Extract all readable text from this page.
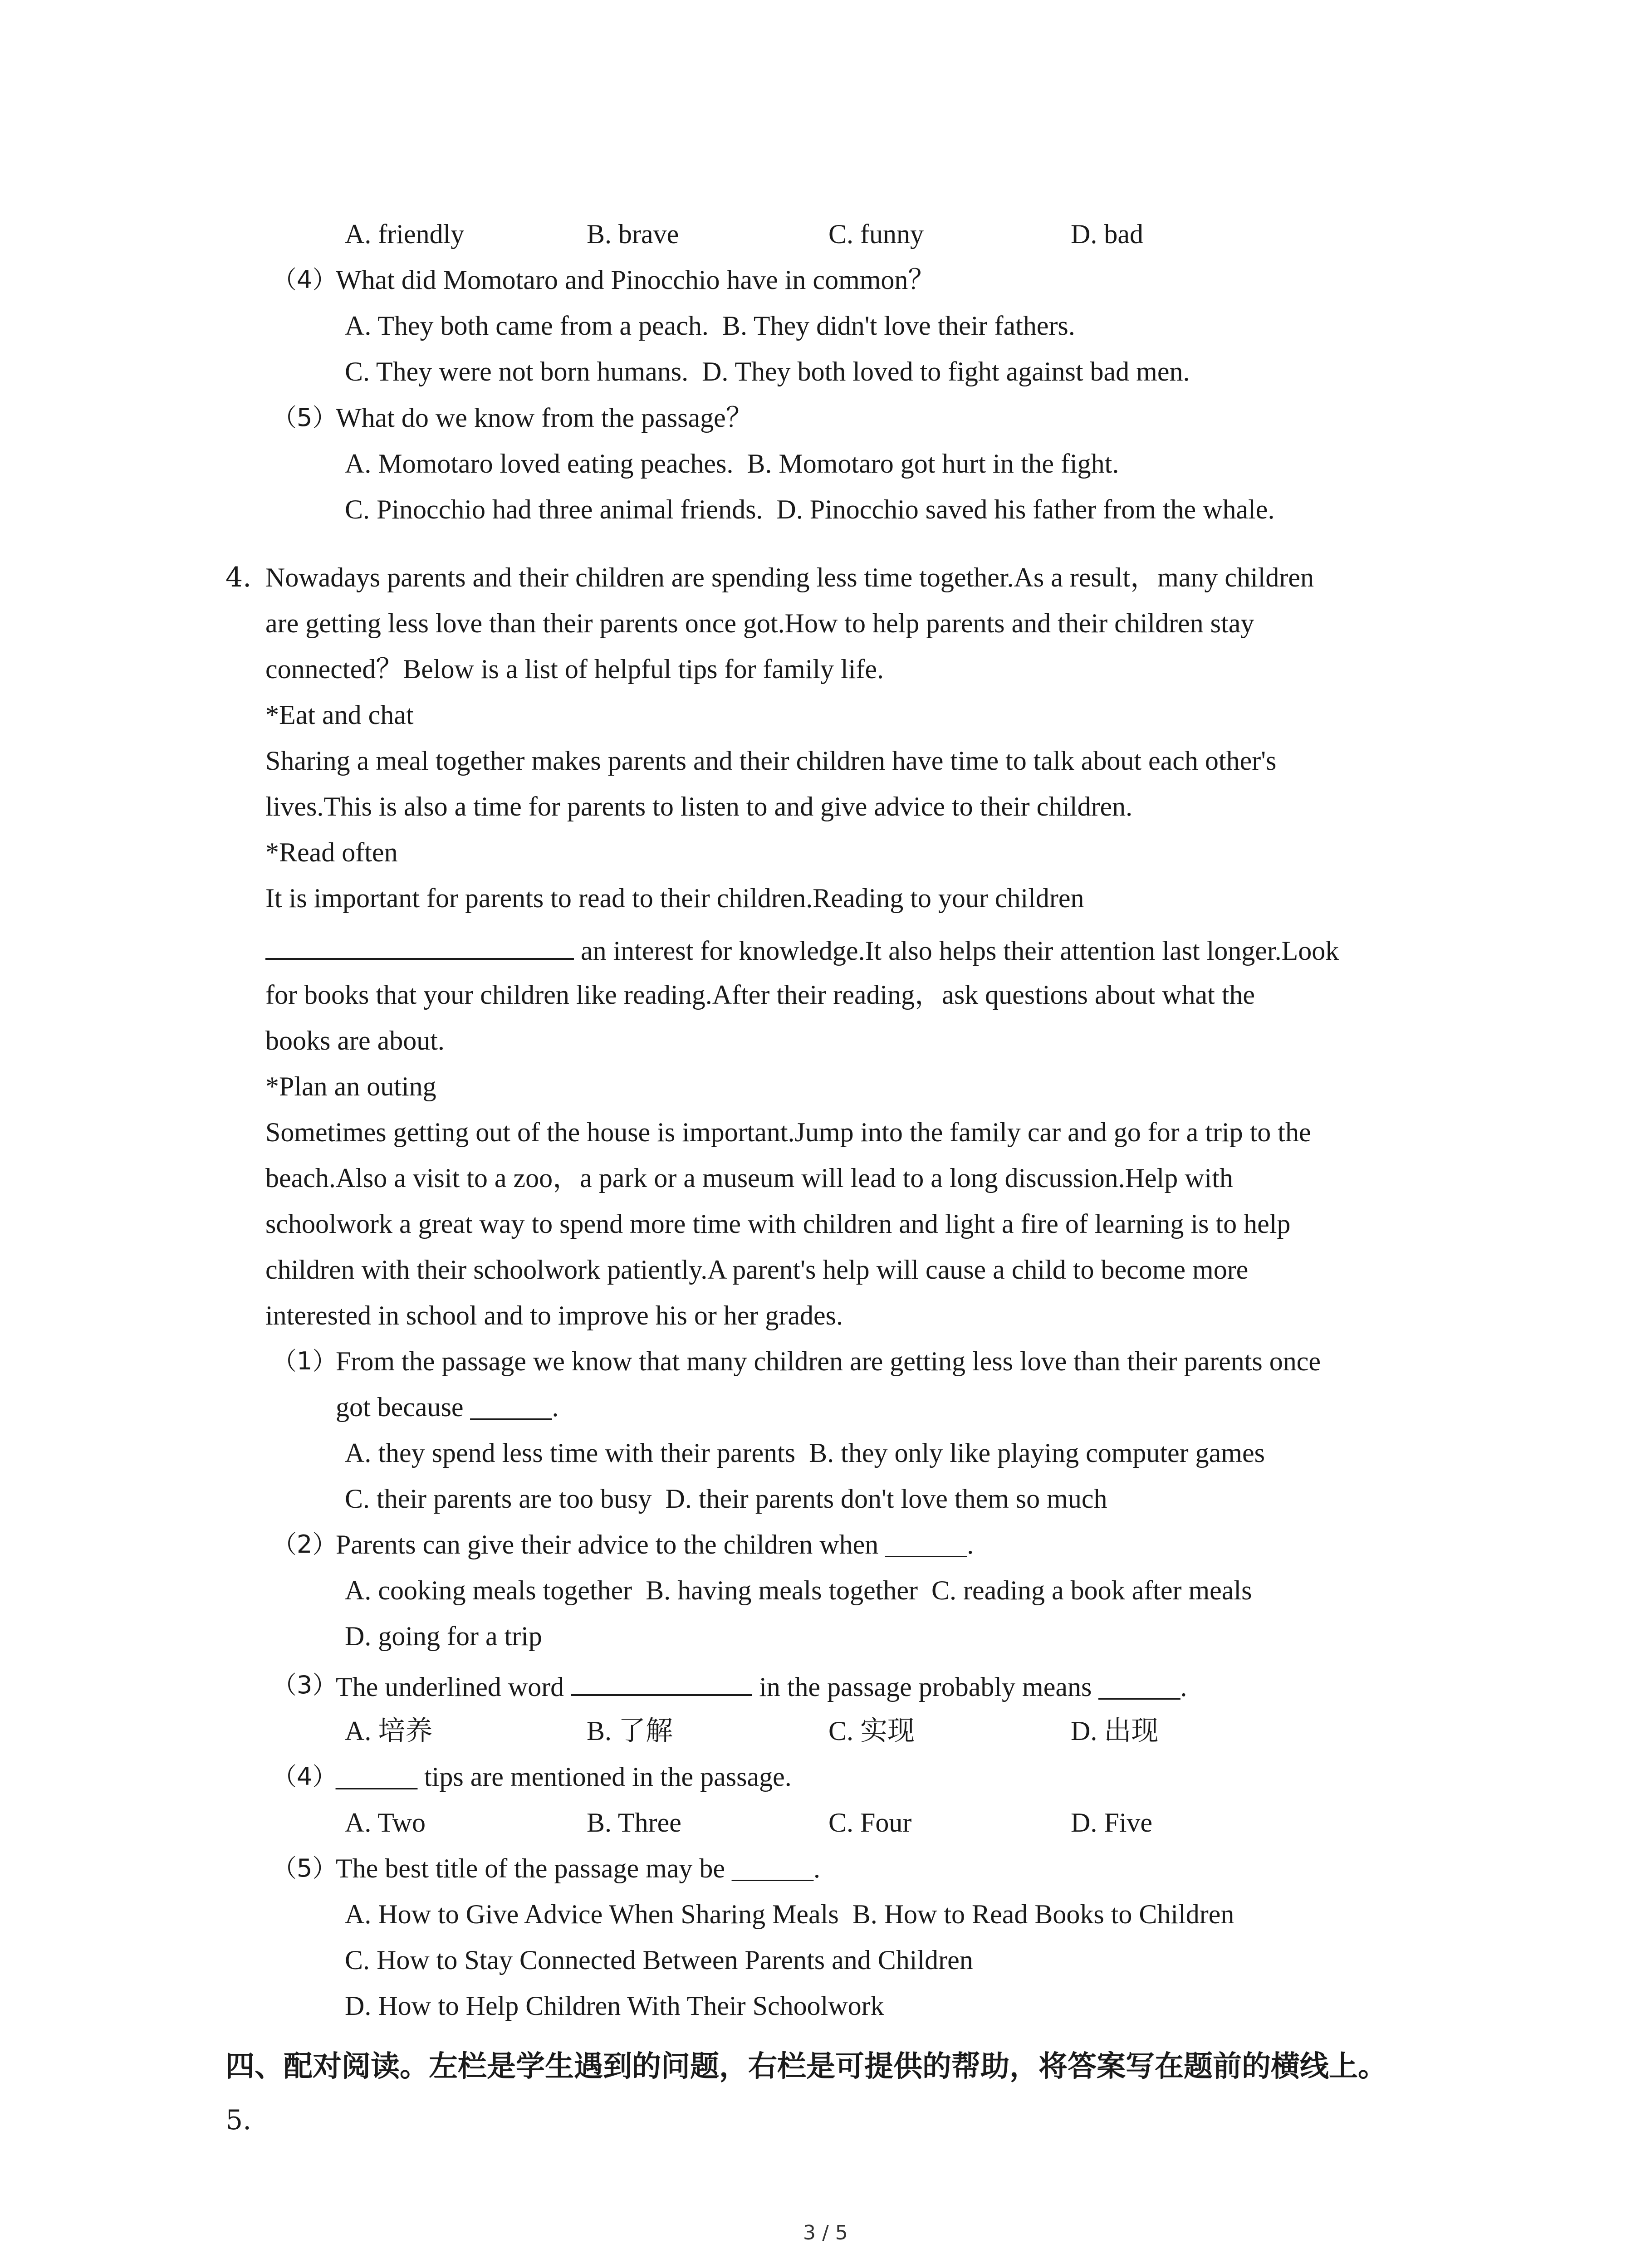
A. friendly	B. brave	C. funny	D. bad
（4）
What did Momotaro and Pinocchio have in common？
A. They both came from a peach. B. They didn't love their fathers.
C. They were not born humans. D. They both loved to fight against bad men.
（5）
What do we know from the passage？
A. Momotaro loved eating peaches. B. Momotaro got hurt in the fight.
C. Pinocchio had three animal friends. D. Pinocchio saved his father from the whale.
4. Nowadays parents and their children are spending less time together.As a result，many children
are getting less love than their parents once got.How to help parents and their children stay
connected？Below is a list of helpful tips for family life.
*Eat and chat
Sharing a meal together makes parents and their children have time to talk about each other's
lives.This is also a time for parents to listen to and give advice to their children.
*Read often
It is important for parents to read to their children.Reading to your children
an interest for knowledge.It also helps their attention last longer.Look
for books that your children like reading.After their reading，ask questions about what the
books are about.
*Plan an outing
Sometimes getting out of the house is important.Jump into the family car and go for a trip to the
beach.Also a visit to a zoo，a park or a museum will lead to a long discussion.Help with
schoolwork a great way to spend more time with children and light a fire of learning is to help
children with their schoolwork patiently.A parent's help will cause a child to become more
interested in school and to improve his or her grades.
（1）
From the passage we know that many children are getting less love than their parents once
got because ______.
A. they spend less time with their parents B. they only like playing computer games
C. their parents are too busy D. their parents don't love them so much
（2）
Parents can give their advice to the children when ______.
A. cooking meals together B. having meals together C. reading a book after meals
D. going for a trip
（3）
The underlined word	in the passage probably means ______.
A. 培养	B. 了解	C. 实现	D. 出现
（4）
______ tips are mentioned in the passage.
A. Two	B. Three	C. Four	D. Five
（5）
The best title of the passage may be ______.
A. How to Give Advice When Sharing Meals B. How to Read Books to Children
C. How to Stay Connected Between Parents and Children
D. How to Help Children With Their Schoolwork
四、配对阅读。左栏是学生遇到的问题，右栏是可提供的帮助，将答案写在题前的横线上。
5.
3 / 5
